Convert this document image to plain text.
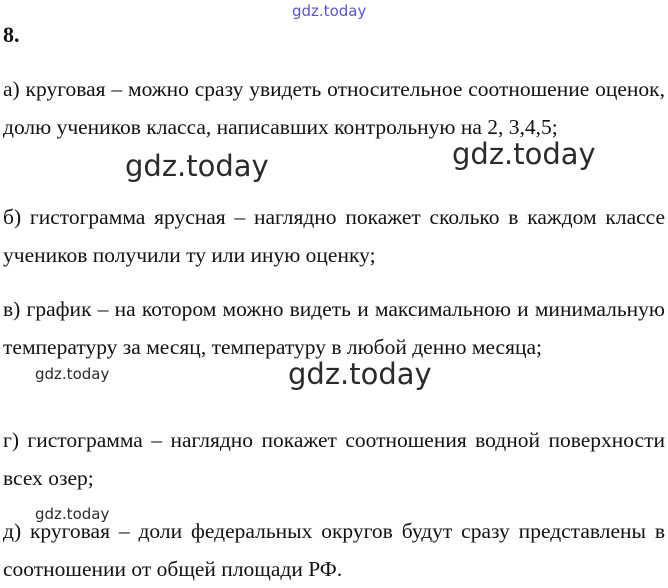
gdz.today
8.

а) круговая – можно сразу увидеть относительное соотношение оценок, долю учеников класса, написавших контрольную на 2, 3,4,5;

б) гистограмма ярусная – наглядно покажет сколько в каждом классе учеников получили ту или иную оценку;

в) график – на котором можно видеть и максимальною и минимальную температуру за месяц, температуру в любой денно месяца;

г) гистограмма – наглядно покажет соотношения водной поверхности всех озер;

д) круговая – доли федеральных округов будут сразу представлены в соотношении от общей площади РФ.

gdz.today	gdz.today
gdz.today
gdz.today
gdz.today
